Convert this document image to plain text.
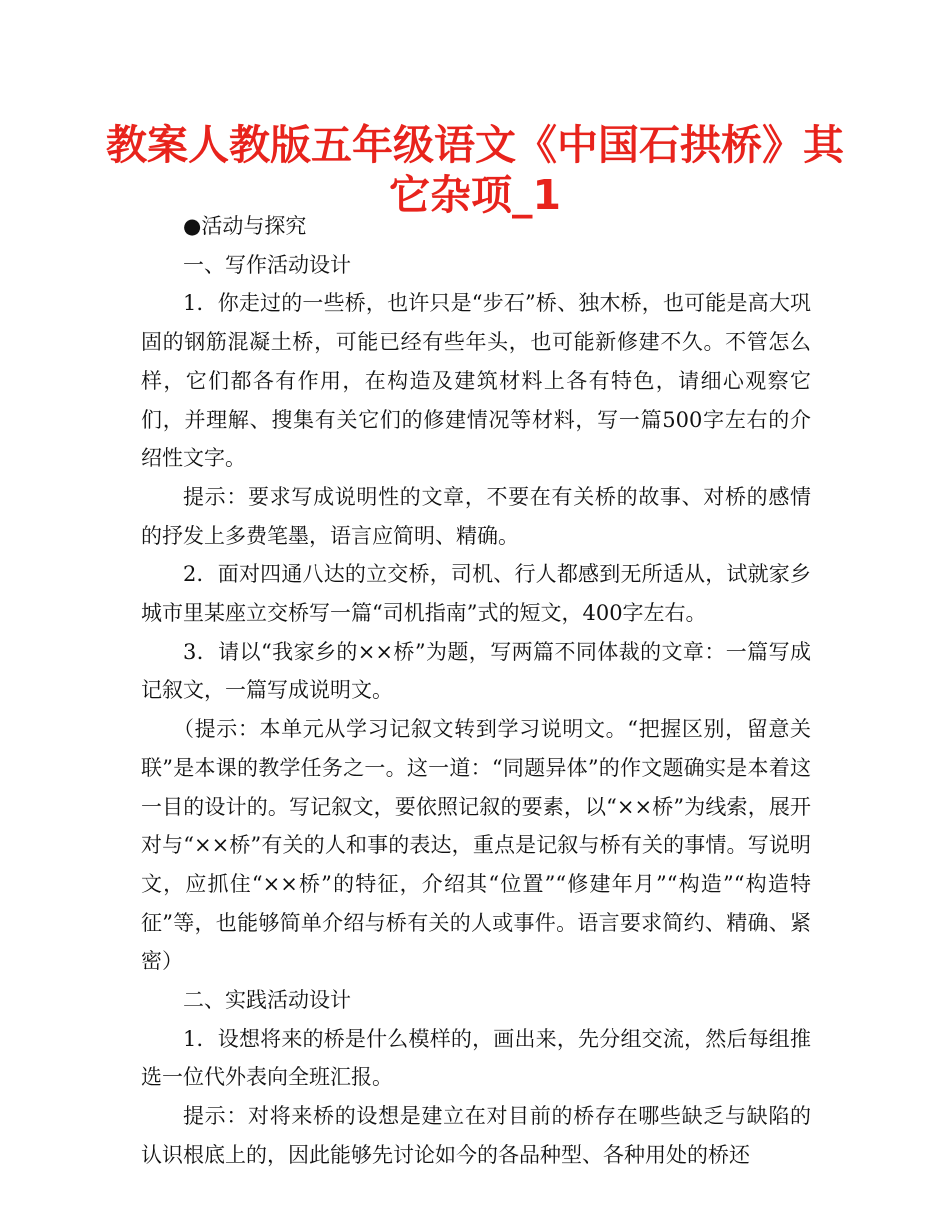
教案人教版五年级语文《中国石拱桥》其它杂项_1

●活动与探究

一、写作活动设计

1．你走过的一些桥，也许只是“步石”桥、独木桥，也可能是高大巩固的钢筋混凝土桥，可能已经有些年头，也可能新修建不久。不管怎么样，它们都各有作用，在构造及建筑材料上各有特色，请细心观察它们，并理解、搜集有关它们的修建情况等材料，写一篇500字左右的介绍性文字。

提示：要求写成说明性的文章，不要在有关桥的故事、对桥的感情的抒发上多费笔墨，语言应简明、精确。

2．面对四通八达的立交桥，司机、行人都感到无所适从，试就家乡城市里某座立交桥写一篇“司机指南”式的短文，400字左右。

3．请以“我家乡的××桥”为题，写两篇不同体裁的文章：一篇写成记叙文，一篇写成说明文。

（提示：本单元从学习记叙文转到学习说明文。“把握区别，留意关联”是本课的教学任务之一。这一道：“同题异体”的作文题确实是本着这一目的设计的。写记叙文，要依照记叙的要素，以“××桥”为线索，展开对与“××桥”有关的人和事的表达，重点是记叙与桥有关的事情。写说明文，应抓住“××桥”的特征，介绍其“位置”“修建年月”“构造”“构造特征”等，也能够简单介绍与桥有关的人或事件。语言要求简约、精确、紧密）

二、实践活动设计

1．设想将来的桥是什么模样的，画出来，先分组交流，然后每组推选一位代外表向全班汇报。

提示：对将来桥的设想是建立在对目前的桥存在哪些缺乏与缺陷的认识根底上的，因此能够先讨论如今的各品种型、各种用处的桥还
